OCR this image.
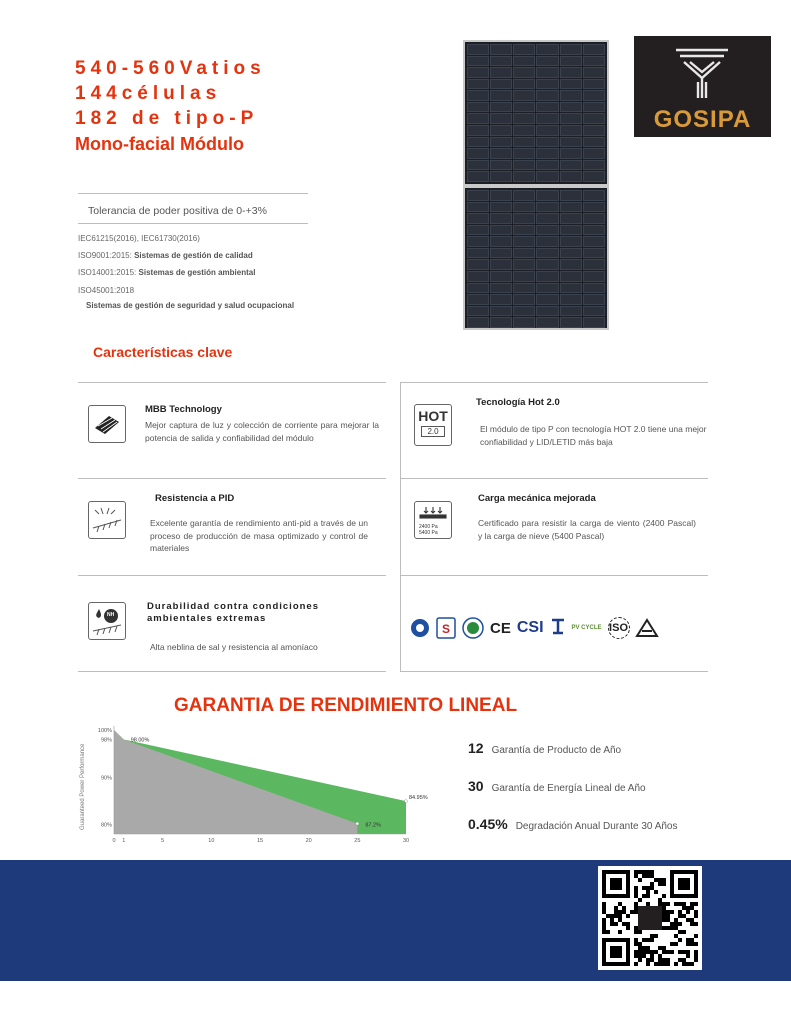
540-560Vatios
144células
182 de tipo-P
Mono-facial Módulo
GOSIPA
Tolerancia de poder positiva de 0-+3%
IEC61215(2016), IEC61730(2016)
ISO9001:2015: Sistemas de gestión de calidad
ISO14001:2015: Sistemas de gestión ambiental
ISO45001:2018
Sistemas de gestión de seguridad y salud ocupacional
Características clave
MBB Technology
Mejor captura de luz y colección de corriente para mejorar la potencia de salida y confiabilidad del módulo
HOT
2.0
Tecnología Hot 2.0
El módulo de tipo P con tecnología HOT 2.0 tiene una mejor confiabilidad y LID/LETID más baja
Resistencia a PID
Excelente garantía de rendimiento anti-pid a través de un proceso de producción de masa optimizado y control de materiales
2400 Pa
5400 Pa
Carga mecánica mejorada
Certificado para resistir la carga de viento (2400 Pascal) y la carga de nieve (5400 Pascal)
NH
Durabilidad contra condiciones ambientales extremas
Alta neblina de sal y resistencia al amoníaco
S	CE CSI	PV CYCLE ISO
GARANTIA DE RENDIMIENTO LINEAL
Guaranteed Power Performance	80%
90%
98%
100%
0 1	5	10	15	20	25	30
98.00%
84.95%
87.2%
12 Garantía de Producto de Año
30 Garantía de Energía Lineal de Año
0.45% Degradación Anual Durante 30 Años
